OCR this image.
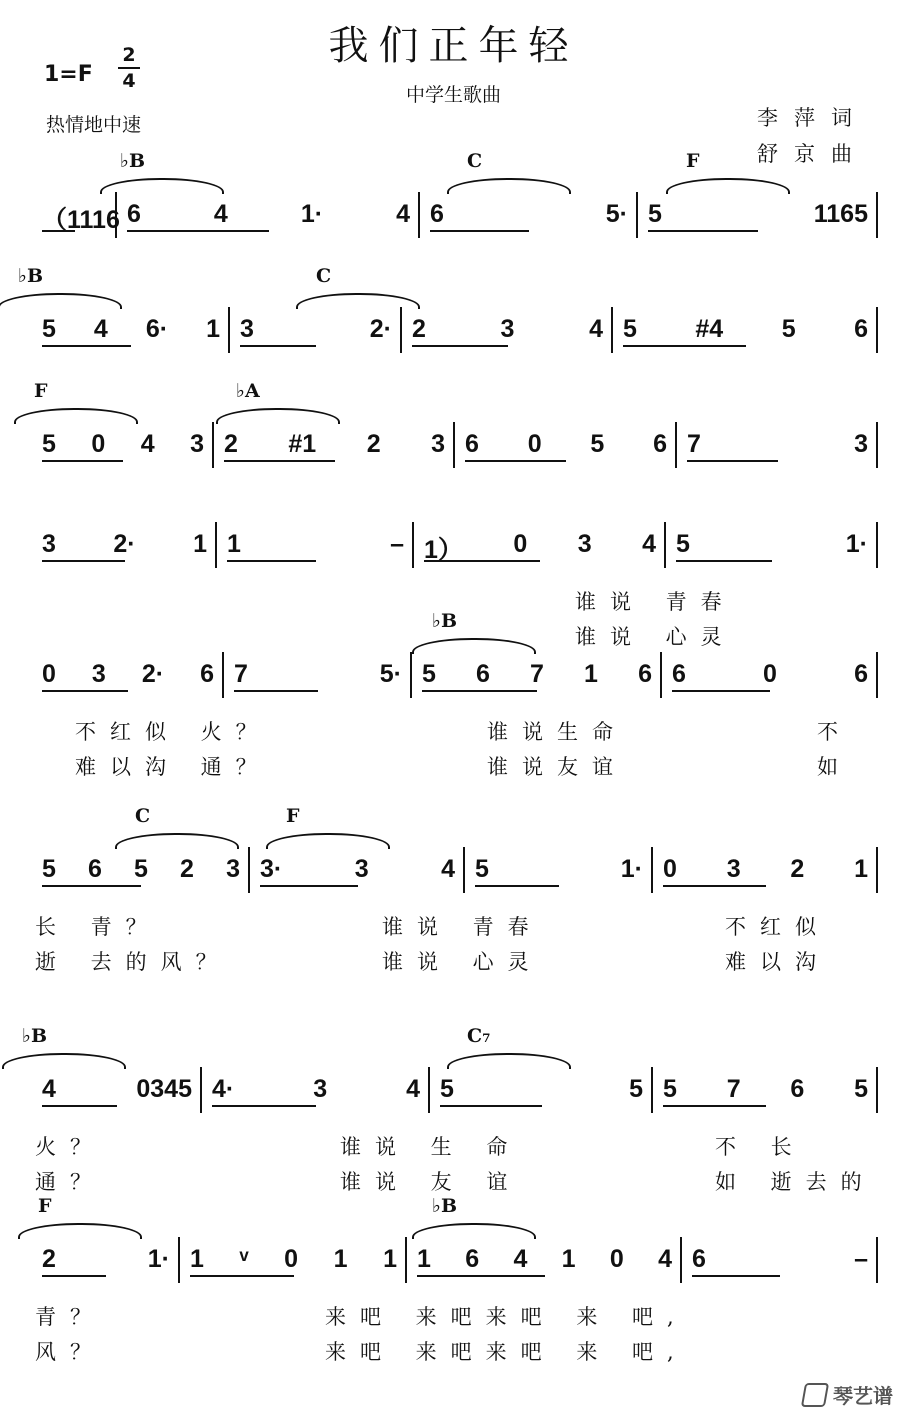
我们正年轻
中学生歌曲
1=F
2
4
热情地中速	李萍词
舒京曲
♭B	C	F
（1116 6	4	1·	4 6	5· 5	1165
♭B	C
5 4 6· 1 3	2· 2	3	4 5 #4 5 6
F	♭A
5 0 4 3 2 #1 2 3 6 0 5 6 7	3
3 2· 1 1	– 1） 0 3 4 5	1·
谁说 青春
谁说 心灵
♭B
0 3 2· 6 7	5· 5 6 7 1 6 6	0	6
不红似 火？	谁说生命	不
难以沟 通？	谁说友谊	如
C	F
5 6 5 2 3 3·	3	4 5	1· 0 3 2 1
长 青？	谁说 青春	不红似
逝 去的风？	谁说 心灵	难以沟
♭B	C₇
4	0345 4·	3	4 5	5 5 7 6 5
火？	谁说 生 命	不 长
通？	谁说 友 谊	如 逝去的
F	♭B
2	1· 1 ᵛ 0 1 1 1 6 4 1 0 4 6	–
青？	来吧 来吧来吧 来 吧,
风？	来吧 来吧来吧 来 吧,
琴艺谱
